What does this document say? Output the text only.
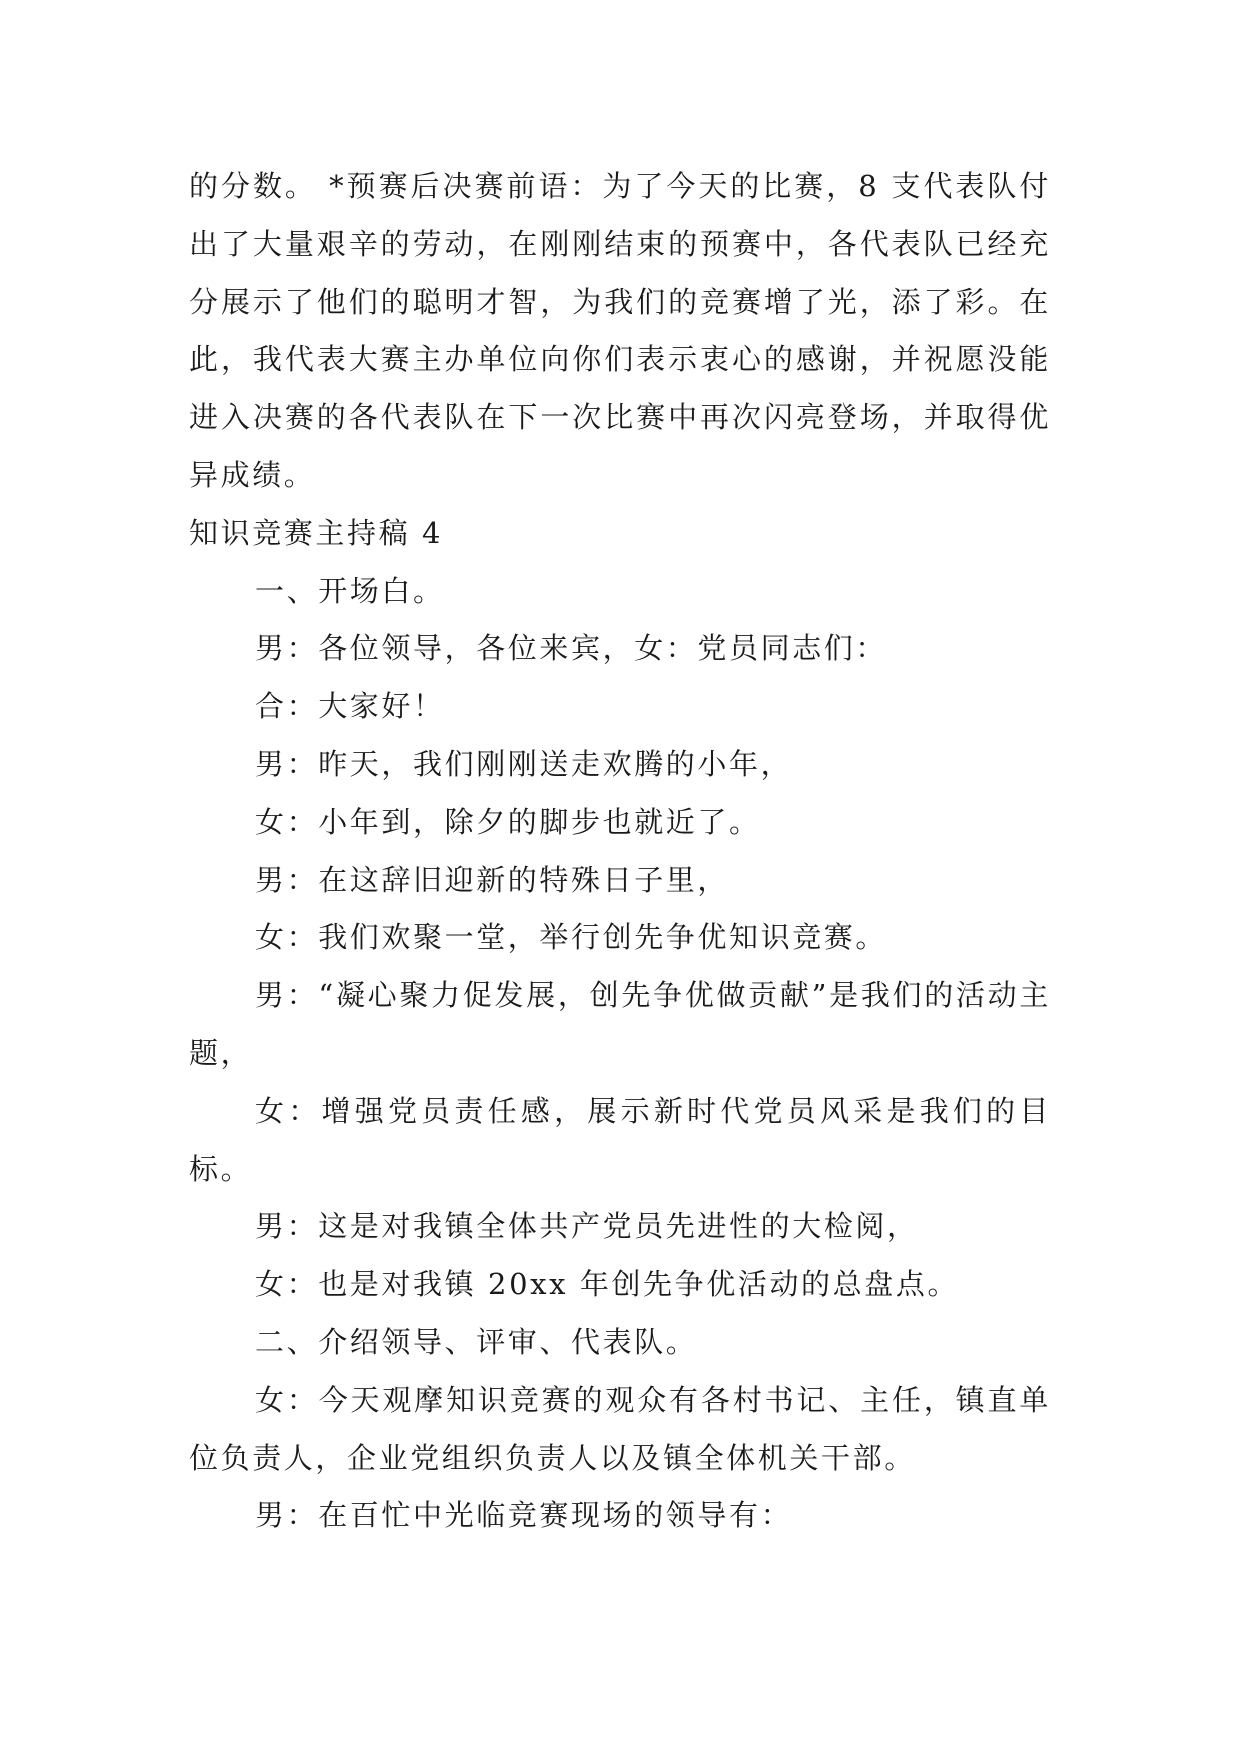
的分数。 *预赛后决赛前语：为了今天的比赛，8 支代表队付出了大量艰辛的劳动，在刚刚结束的预赛中，各代表队已经充分展示了他们的聪明才智，为我们的竞赛增了光，添了彩。在此，我代表大赛主办单位向你们表示衷心的感谢，并祝愿没能进入决赛的各代表队在下一次比赛中再次闪亮登场，并取得优异成绩。

知识竞赛主持稿 4

一、开场白。

男：各位领导，各位来宾，女：党员同志们：

合：大家好！

男：昨天，我们刚刚送走欢腾的小年，

女：小年到，除夕的脚步也就近了。

男：在这辞旧迎新的特殊日子里，

女：我们欢聚一堂，举行创先争优知识竞赛。

男：“凝心聚力促发展，创先争优做贡献”是我们的活动主题，

女：增强党员责任感，展示新时代党员风采是我们的目标。

男：这是对我镇全体共产党员先进性的大检阅，

女：也是对我镇 20xx 年创先争优活动的总盘点。

二、介绍领导、评审、代表队。

女：今天观摩知识竞赛的观众有各村书记、主任，镇直单位负责人，企业党组织负责人以及镇全体机关干部。

男：在百忙中光临竞赛现场的领导有：
